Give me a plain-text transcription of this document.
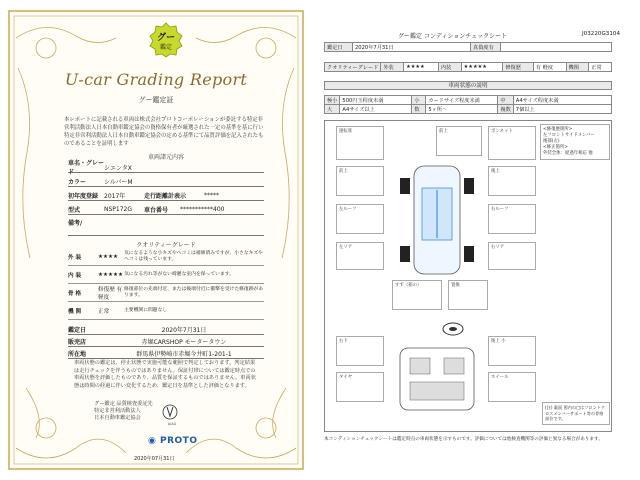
グー
鑑定
U-car Grading Report
グー鑑定証
本レポートに記載される車両は株式会社プロトコーポレーションが委託する特定非営利活動法人日本自動車鑑定協会の資格保有者が厳選された一定の基準を基に行い特定非営利活動法人日本自動車鑑定協会の定める基準にて品質評価を記入されたものであることを証明します
車両諸元内容
車名・グレード
シエンタX
カラー	シルバーM
初年度登録 2017年	走行距離計表示	*****
型式	NSP172G	車台番号	***********400
備考/
クオリティーグレード
外 装	★★★★
気になるような小キズやヘコミは補修済みですが、小さなキズやヘコミは残っています。
内 装	★★★★★ 気になる汚れ等がない綺麗な室内を保っています。
骨 格
修復歴 有 軽度
修復部位の先端付近、または後端付近に衝撃を受けた修復跡があります。
機 関	正常	主要機関に問題なし
鑑定日	2020年7月31日
販売店	赤堀CARSHOP モータータウン
所在地	群馬県伊勢崎市赤堀今井町1-201-1
車両状態の鑑定は、停止状態で実施可能な範囲で判定しております。判定結果は走行チェックを伴うものではありません。保証付帯については鑑定時点での車両状態を評価したものであり、品質を保証するものではありません。車両状態は時間の経過に伴い変化するため、鑑定日を基準とした評価となります。
グー鑑定 品質検査委託先
特定非営利活動法人
日本自動車鑑定協会
JAAA
◉ PROTO
2020年07月31日
グー鑑定 コンディションチェックシート	J03220G3104
鑑定日	2020年7月31日	真偽度有	
クオリティーグレード	外装	★★★★	内装	★★★★★	修復歴	有 軽度	機関	正常
車両状態の説明
極小	500円玉程度未満	小	カードサイズ程度未満	中	A4サイズ程度未満
大	A4サイズ以上	数	5ヶ所～	複数	7個以上
運転席	前上	ボンネット
前上	後上
左ルーフ	右ルーフ
左リア	右リア
すず（箱の）	置換
右下	後上 小
タイヤ	ホイール
<修復歴箇所>
左フロントサイドメンバー
後部(左)
<修正箇所>
外装全体：経過年相応 他
(注) 裏面 図内の□はフロントクロスメンバーサポート等の骨格部位です。
本コンディションチェックシートは鑑定時点の車両状態を示すものです。評価については他検査機関等の評価と異なる場合があります。
